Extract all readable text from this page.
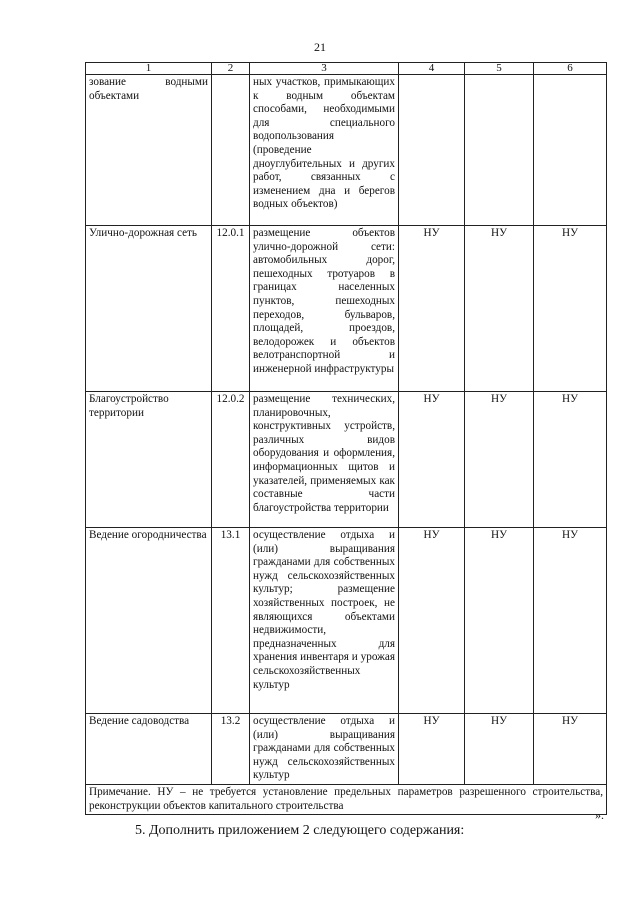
21
1	2	3	4	5	6
зование водными объектами		ных участков, примыкающих к водным объектам способами, необходимыми для специального водопользования (проведение дноуглубительных и других работ, связанных с изменением дна и берегов водных объектов)			
Улично-дорожная сеть	12.0.1	размещение объектов улично-дорожной сети: автомобильных дорог, пешеходных тротуаров в границах населенных пунктов, пешеходных переходов, бульваров, площадей, проездов, велодорожек и объектов велотранспортной и инженерной инфраструктуры	НУ	НУ	НУ
Благоустройство территории	12.0.2	размещение технических, планировочных, конструктивных устройств, различных видов оборудования и оформления, информационных щитов и указателей, применяемых как составные части благоустройства территории	НУ	НУ	НУ
Ведение огородничества	13.1	осуществление отдыха и (или) выращивания гражданами для собственных нужд сельскохозяйственных культур; размещение хозяйственных построек, не являющихся объектами недвижимости, предназначенных для хранения инвентаря и урожая сельскохозяйственных культур	НУ	НУ	НУ
Ведение садоводства	13.2	осуществление отдыха и (или) выращивания гражданами для собственных нужд сельскохозяйственных культур	НУ	НУ	НУ
Примечание. НУ – не требуется установление предельных параметров разрешенного строительства, реконструкции объектов капитального строительства					
».
5. Дополнить приложением 2 следующего содержания:
